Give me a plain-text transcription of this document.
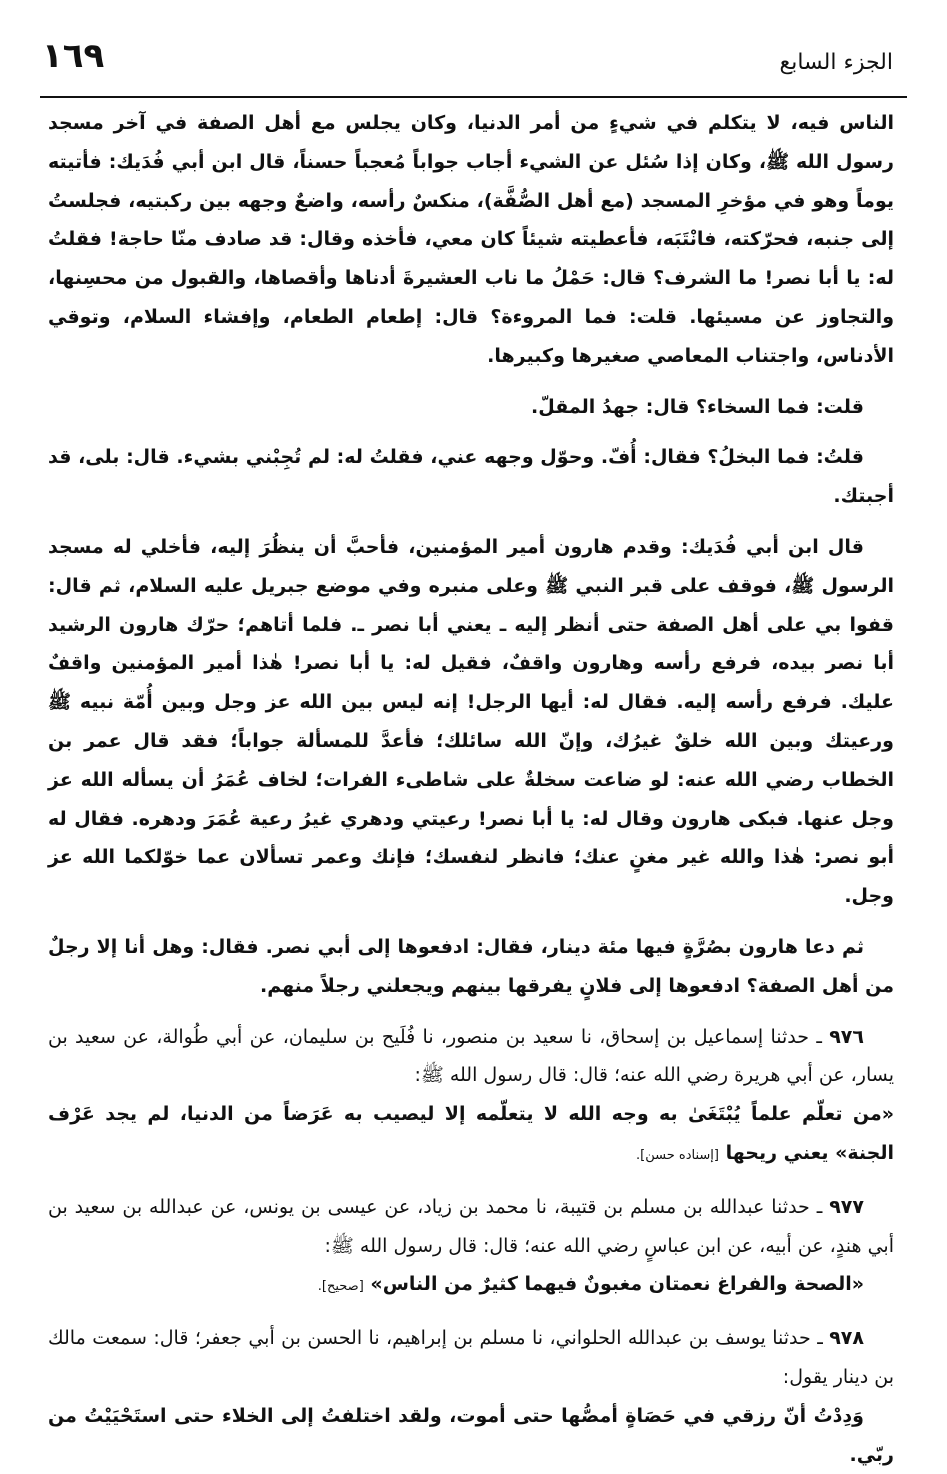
الجزء السابع
١٦٩

الناس فيه، لا يتكلم في شيءٍ من أمر الدنيا، وكان يجلس مع أهل الصفة في آخر مسجد رسول الله ﷺ، وكان إذا سُئل عن الشيء أجاب جواباً مُعجباً حسناً، قال ابن أبي فُدَيك: فأتيته يوماً وهو في مؤخرِ المسجد (مع أهل الصُّفَّة)، منكسٌ رأسه، واضعٌ وجهه بين ركبتيه، فجلستُ إلى جنبه، فحرّكته، فانْتَبَه، فأعطيته شيئاً كان معي، فأخذه وقال: قد صادف منّا حاجة! فقلتُ له: يا أبا نصر! ما الشرف؟ قال: حَمْلُ ما ناب العشيرةَ أدناها وأقصاها، والقبول من محسِنها، والتجاوز عن مسيئها. قلت: فما المروءة؟ قال: إطعام الطعام، وإفشاء السلام، وتوقي الأدناس، واجتناب المعاصي صغيرها وكبيرها.

قلت: فما السخاء؟ قال: جهدُ المقلّ.

قلتُ: فما البخلُ؟ فقال: أُفّ. وحوّل وجهه عني، فقلتُ له: لم تُجِبْني بشيء. قال: بلى، قد أجبتك.

قال ابن أبي فُدَيك: وقدم هارون أمير المؤمنين، فأحبَّ أن ينظُرَ إليه، فأخلي له مسجد الرسول ﷺ، فوقف على قبر النبي ﷺ وعلى منبره وفي موضع جبريل عليه السلام، ثم قال: قفوا بي على أهل الصفة حتى أنظر إليه ـ يعني أبا نصر ـ. فلما أتاهم؛ حرّك هارون الرشيد أبا نصر بيده، فرفع رأسه وهارون واقفٌ، فقيل له: يا أبا نصر! هٰذا أمير المؤمنين واقفٌ عليك. فرفع رأسه إليه. فقال له: أيها الرجل! إنه ليس بين الله عز وجل وبين أُمّة نبيه ﷺ ورعيتك وبين الله خلقٌ غيرُك، وإنّ الله سائلك؛ فأعدَّ للمسألة جواباً؛ فقد قال عمر بن الخطاب رضي الله عنه: لو ضاعت سخلةٌ على شاطىء الفرات؛ لخاف عُمَرُ أن يسأله الله عز وجل عنها. فبكى هارون وقال له: يا أبا نصر! رعيتي ودهري غيرُ رعية عُمَرَ ودهره. فقال له أبو نصر: هٰذا والله غير مغنٍ عنك؛ فانظر لنفسك؛ فإنك وعمر تسألان عما خوّلكما الله عز وجل.

ثم دعا هارون بصُرَّةٍ فيها مئة دينار، فقال: ادفعوها إلى أبي نصر. فقال: وهل أنا إلا رجلٌ من أهل الصفة؟ ادفعوها إلى فلانٍ يفرقها بينهم ويجعلني رجلاً منهم.

٩٧٦ ـ حدثنا إسماعيل بن إسحاق، نا سعيد بن منصور، نا فُلَيح بن سليمان، عن أبي طُوالة، عن سعيد بن يسار، عن أبي هريرة رضي الله عنه؛ قال: قال رسول الله ﷺ:

«من تعلّم علماً يُبْتَغَىٰ به وجه الله لا يتعلّمه إلا ليصيب به عَرَضاً من الدنيا، لم يجد عَرْف الجنة» يعني ريحها [إسناده حسن].

٩٧٧ ـ حدثنا عبدالله بن مسلم بن قتيبة، نا محمد بن زياد، عن عيسى بن يونس، عن عبدالله بن سعيد بن أبي هندٍ، عن أبيه، عن ابن عباسٍ رضي الله عنه؛ قال: قال رسول الله ﷺ:

«الصحة والفراغ نعمتان مغبونٌ فيهما كثيرٌ من الناس» [صحيح].

٩٧٨ ـ حدثنا يوسف بن عبدالله الحلواني، نا مسلم بن إبراهيم، نا الحسن بن أبي جعفر؛ قال: سمعت مالك بن دينار يقول:

وَدِدْتُ أنّ رزقي في حَصَاةٍ أمصُّها حتى أموت، ولقد اختلفتُ إلى الخلاء حتى استَحْيَيْتُ من ربّي.
